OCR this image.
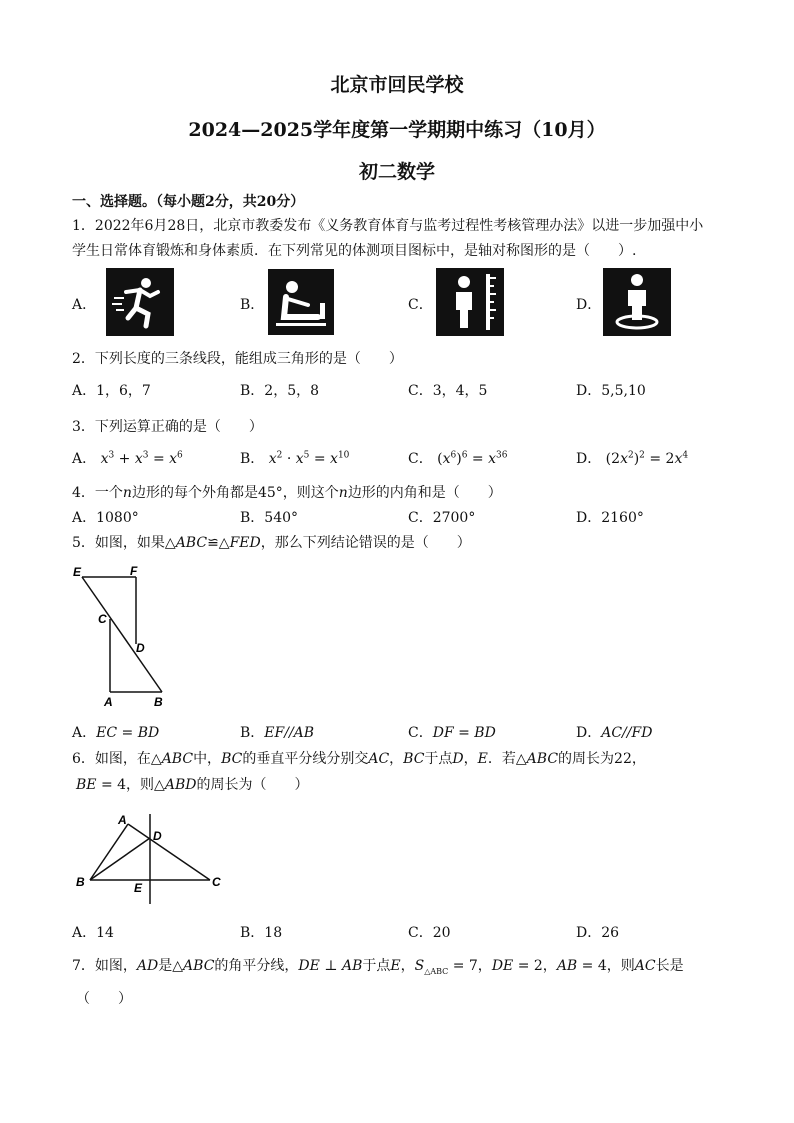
北京市回民学校
2024—2025学年度第一学期期中练习（10月）
初二数学
一、选择题。（每小题2分，共20分）
1．2022年6月28日，北京市教委发布《义务教育体育与监考过程性考核管理办法》以进一步加强中小
学生日常体育锻炼和身体素质．在下列常见的体测项目图标中，是轴对称图形的是（　　）.
A．	B．	C．	D．
2．下列长度的三条线段，能组成三角形的是（　　）
A．1，6，7	B．2，5，8	C．3，4，5	D．5,5,10
3．下列运算正确的是（　　）
A． $x^3 + x^3 = x^6$	B． $x^2 \cdot x^5 = x^{10}$	C． $(x^6)^6 = x^{36}$	D． $(2x^2)^2 = 2x^4$
4．一个n边形的每个外角都是45°，则这个n边形的内角和是（　　）
A．1080°	B．540°	C．2700°	D．2160°
5．如图，如果△ABC≌△FED，那么下列结论错误的是（　　）
E	F
C
D
A	B
A．EC = BD	B．EF//AB	C．DF = BD	D．AC//FD
6．如图，在△ABC中，BC的垂直平分线分别交AC，BC于点D，E．若△ABC的周长为22，
BE = 4，则△ABD的周长为（　　）
A
D
B	E	C
A．14	B．18	C．20	D．26
7．如图，AD是△ABC的角平分线，DE ⊥ AB于点E，$S_{\triangle ABC} = 7$，DE = 2，AB = 4，则AC长是
（　　）
